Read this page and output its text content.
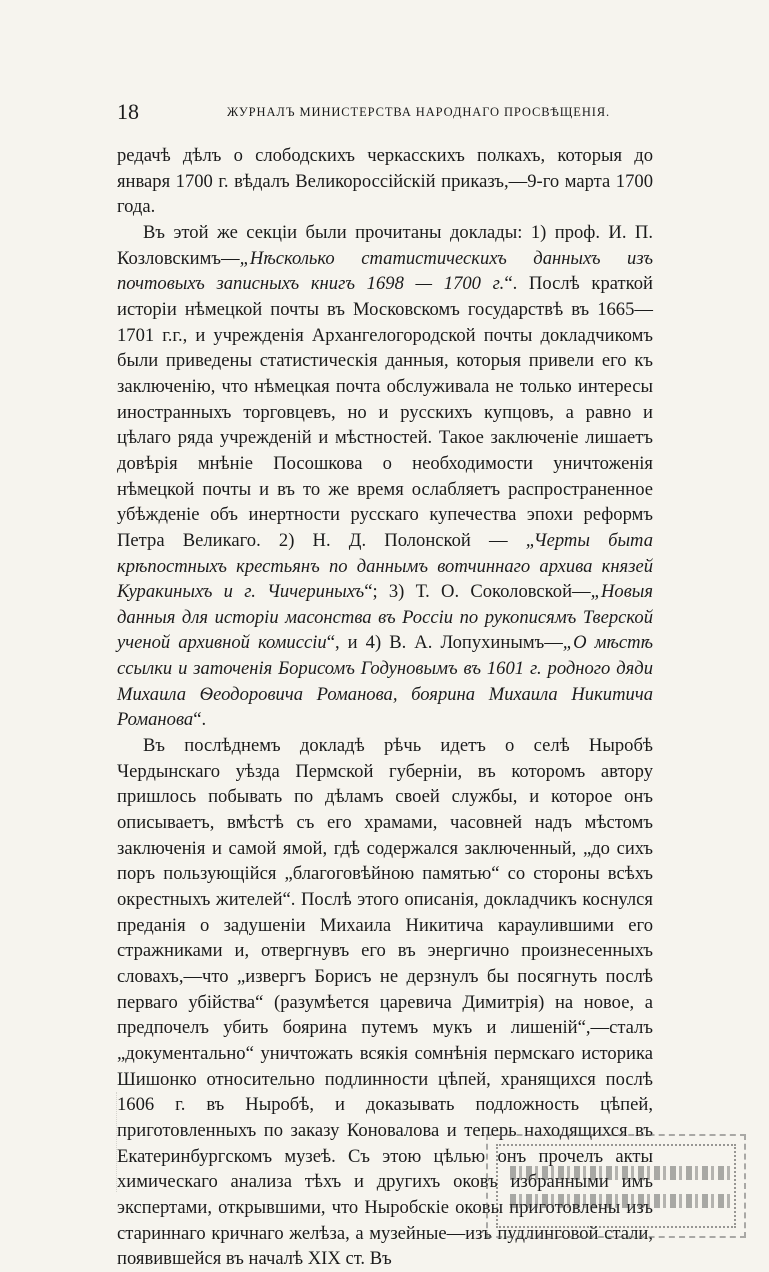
18	ЖУРНАЛЪ МИНИСТЕРСТВА НАРОДНАГО ПРОСВѢЩЕНІЯ.

редачѣ дѣлъ о слободскихъ черкасскихъ полкахъ, которыя до января 1700 г. вѣдалъ Великороссійскій приказъ,—9-го марта 1700 года.

Въ этой же секціи были прочитаны доклады: 1) проф. И. П. Козловскимъ—„Нѣсколько статистическихъ данныхъ изъ почтовыхъ записныхъ книгъ 1698 — 1700 г.“. Послѣ краткой исторіи нѣмецкой почты въ Московскомъ государствѣ въ 1665—1701 г.г., и учрежденія Архангелогородской почты докладчикомъ были приведены статистическія данныя, которыя привели его къ заключенію, что нѣмецкая почта обслуживала не только интересы иностранныхъ торговцевъ, но и русскихъ купцовъ, а равно и цѣлаго ряда учрежденій и мѣстностей. Такое заключеніе лишаетъ довѣрія мнѣніе Посошкова о необходимости уничтоженія нѣмецкой почты и въ то же время ослабляетъ распространенное убѣжденіе объ инертности русскаго купечества эпохи реформъ Петра Великаго. 2) Н. Д. Полонской — „Черты быта крѣпостныхъ крестьянъ по даннымъ вотчиннаго архива князей Куракиныхъ и г. Чичериныхъ“; 3) Т. О. Соколовской—„Новыя данныя для исторіи масонства въ Россіи по рукописямъ Тверской ученой архивной комиссіи“, и 4) В. А. Лопухинымъ—„О мѣстѣ ссылки и заточенія Борисомъ Годуновымъ въ 1601 г. родного дяди Михаила Ѳеодоровича Романова, боярина Михаила Никитича Романова“.

Въ послѣднемъ докладѣ рѣчь идетъ о селѣ Ныробѣ Чердынскаго уѣзда Пермской губерніи, въ которомъ автору пришлось побывать по дѣламъ своей службы, и которое онъ описываетъ, вмѣстѣ съ его храмами, часовней надъ мѣстомъ заключенія и самой ямой, гдѣ содержался заключенный, „до сихъ поръ пользующійся „благоговѣйною памятью“ со стороны всѣхъ окрестныхъ жителей“. Послѣ этого описанія, докладчикъ коснулся преданія о задушеніи Михаила Никитича караулившими его стражниками и, отвергнувъ его въ энергично произнесенныхъ словахъ,—что „извергъ Борисъ не дерзнулъ бы посягнуть послѣ перваго убійства“ (разумѣется царевича Димитрія) на новое, а предпочелъ убить боярина путемъ мукъ и лишеній“,—сталъ „документально“ уничтожать всякія сомнѣнія пермскаго историка Шишонко относительно подлинности цѣпей, хранящихся послѣ 1606 г. въ Ныробѣ, и доказывать подложность цѣпей, приготовленныхъ по заказу Коновалова и теперь находящихся въ Екатеринбургскомъ музеѣ. Съ этою цѣлью онъ прочелъ акты химическаго анализа тѣхъ и другихъ оковъ избранными имъ экспертами, открывшими, что Ныробскіе оковы приготовлены изъ стариннаго кричнаго желѣза, а музейные—изъ пудлинговой стали, появившейся въ началѣ XIX ст. Въ
